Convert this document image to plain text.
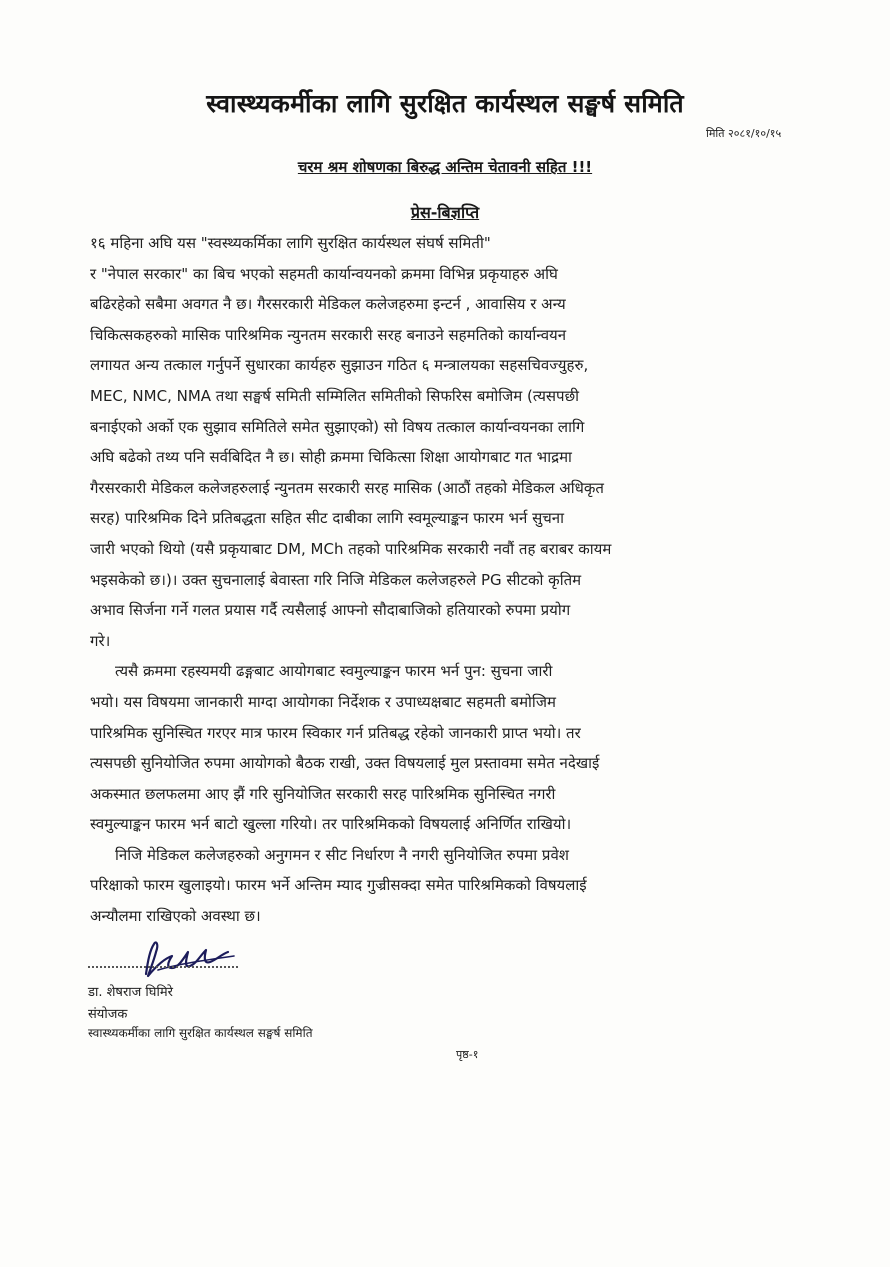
स्वास्थ्यकर्मीका लागि सुरक्षित कार्यस्थल सङ्घर्ष समिति
मिति २०८१/१०/१५
चरम श्रम शोषणका बिरुद्ध अन्तिम चेतावनी सहित !!!
प्रेस-बिज्ञप्ति
१६ महिना अघि यस "स्वस्थ्यकर्मिका लागि सुरक्षित कार्यस्थल संघर्ष समिती"
र "नेपाल सरकार" का बिच भएको सहमती कार्यान्वयनको क्रममा विभिन्न प्रकृयाहरु अघि
बढिरहेको सबैमा अवगत नै छ। गैरसरकारी मेडिकल कलेजहरुमा इन्टर्न , आवासिय र अन्य
चिकित्सकहरुको मासिक पारिश्रमिक न्युनतम सरकारी सरह बनाउने सहमतिको कार्यान्वयन
लगायत अन्य तत्काल गर्नुपर्ने सुधारका कार्यहरु सुझाउन गठित ६ मन्त्रालयका सहसचिवज्युहरु,
MEC, NMC, NMA तथा सङ्घर्ष समिती सम्मिलित समितीको सिफरिस बमोजिम (त्यसपछी
बनाईएको अर्को एक सुझाव समितिले समेत सुझाएको) सो विषय तत्काल कार्यान्वयनका लागि
अघि बढेको तथ्य पनि सर्वबिदित नै छ। सोही क्रममा चिकित्सा शिक्षा आयोगबाट गत भाद्रमा
गैरसरकारी मेडिकल कलेजहरुलाई न्युनतम सरकारी सरह मासिक (आठौं तहको मेडिकल अधिकृत
सरह) पारिश्रमिक दिने प्रतिबद्धता सहित सीट दाबीका लागि स्वमूल्याङ्कन फारम भर्न सुचना
जारी भएको थियो (यसै प्रकृयाबाट DM, MCh तहको पारिश्रमिक सरकारी नवौं तह बराबर कायम
भइसकेको छ।)। उक्त सुचनालाई बेवास्ता गरि निजि मेडिकल कलेजहरुले PG सीटको कृतिम
अभाव सिर्जना गर्ने गलत प्रयास गर्दै त्यसैलाई आफ्नो सौदाबाजिको हतियारको रुपमा प्रयोग
गरे।
त्यसै क्रममा रहस्यमयी ढङ्गबाट आयोगबाट स्वमुल्याङ्कन फारम भर्न पुन: सुचना जारी
भयो। यस विषयमा जानकारी माग्दा आयोगका निर्देशक र उपाध्यक्षबाट सहमती बमोजिम
पारिश्रमिक सुनिस्चित गरएर मात्र फारम स्विकार गर्न प्रतिबद्ध रहेको जानकारी प्राप्त भयो। तर
त्यसपछी सुनियोजित रुपमा आयोगको बैठक राखी, उक्त विषयलाई मुल प्रस्तावमा समेत नदेखाई
अकस्मात छलफलमा आए झैं गरि सुनियोजित सरकारी सरह पारिश्रमिक सुनिस्चित नगरी
स्वमुल्याङ्कन फारम भर्न बाटो खुल्ला गरियो। तर पारिश्रमिकको विषयलाई अनिर्णित राखियो।
निजि मेडिकल कलेजहरुको अनुगमन र सीट निर्धारण नै नगरी सुनियोजित रुपमा प्रवेश
परिक्षाको फारम खुलाइयो। फारम भर्ने अन्तिम म्याद गुज्रीसक्दा समेत पारिश्रमिकको विषयलाई
अन्यौलमा राखिएको अवस्था छ।
डा. शेषराज घिमिरे
संयोजक
स्वास्थ्यकर्मीका लागि सुरक्षित कार्यस्थल सङ्घर्ष समिति
पृष्ठ-१
